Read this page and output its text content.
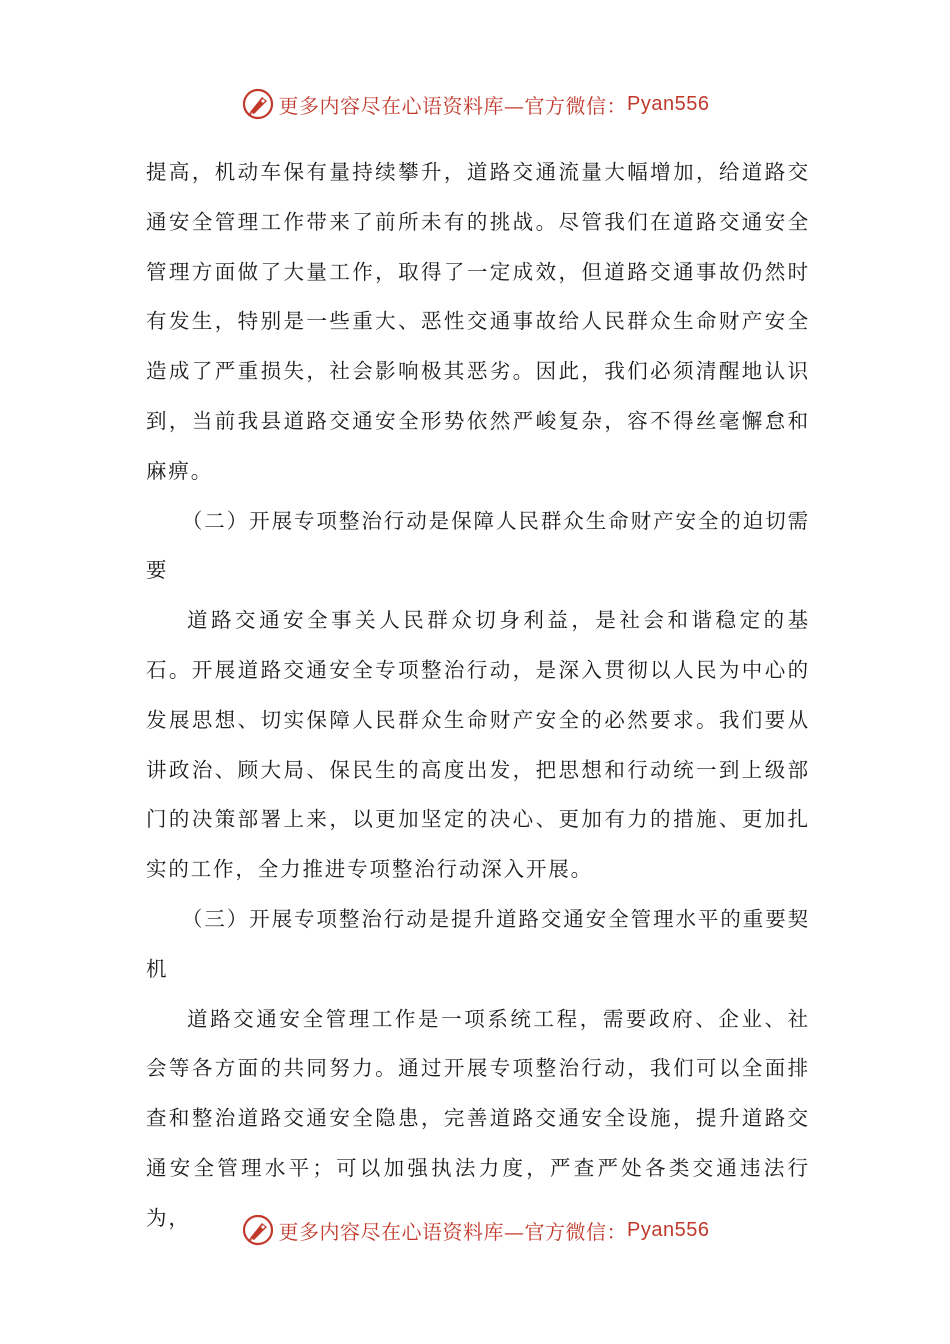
更多内容尽在心语资料库—官方微信： Pyan556

提高，机动车保有量持续攀升，道路交通流量大幅增加，给道路交通安全管理工作带来了前所未有的挑战。尽管我们在道路交通安全管理方面做了大量工作，取得了一定成效，但道路交通事故仍然时有发生，特别是一些重大、恶性交通事故给人民群众生命财产安全造成了严重损失，社会影响极其恶劣。因此，我们必须清醒地认识到，当前我县道路交通安全形势依然严峻复杂，容不得丝毫懈怠和麻痹。

（二）开展专项整治行动是保障人民群众生命财产安全的迫切需要

道路交通安全事关人民群众切身利益，是社会和谐稳定的基石。开展道路交通安全专项整治行动，是深入贯彻以人民为中心的发展思想、切实保障人民群众生命财产安全的必然要求。我们要从讲政治、顾大局、保民生的高度出发，把思想和行动统一到上级部门的决策部署上来，以更加坚定的决心、更加有力的措施、更加扎实的工作，全力推进专项整治行动深入开展。

（三）开展专项整治行动是提升道路交通安全管理水平的重要契机

道路交通安全管理工作是一项系统工程，需要政府、企业、社会等各方面的共同努力。通过开展专项整治行动，我们可以全面排查和整治道路交通安全隐患，完善道路交通安全设施，提升道路交通安全管理水平；可以加强执法力度，严查严处各类交通违法行为，

更多内容尽在心语资料库—官方微信： Pyan556
